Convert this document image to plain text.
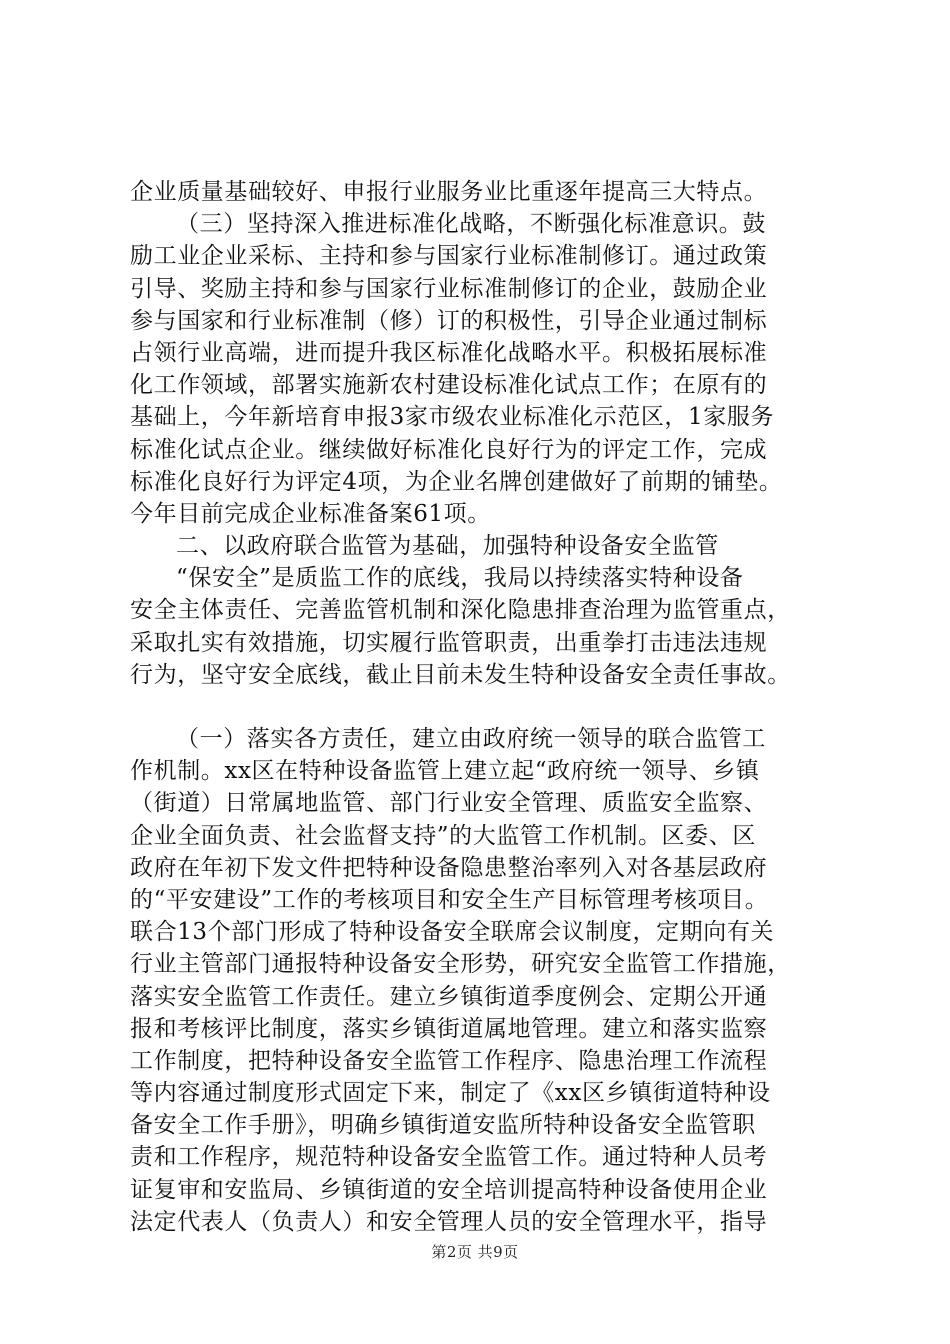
企业质量基础较好、申报行业服务业比重逐年提高三大特点。
（三）坚持深入推进标准化战略，不断强化标准意识。鼓
励工业企业采标、主持和参与国家行业标准制修订。通过政策
引导、奖励主持和参与国家行业标准制修订的企业，鼓励企业
参与国家和行业标准制（修）订的积极性，引导企业通过制标
占领行业高端，进而提升我区标准化战略水平。积极拓展标准
化工作领域，部署实施新农村建设标准化试点工作；在原有的
基础上，今年新培育申报3家市级农业标准化示范区，1家服务
标准化试点企业。继续做好标准化良好行为的评定工作，完成
标准化良好行为评定4项，为企业名牌创建做好了前期的铺垫。
今年目前完成企业标准备案61项。
二、以政府联合监管为基础，加强特种设备安全监管
“保安全”是质监工作的底线，我局以持续落实特种设备
安全主体责任、完善监管机制和深化隐患排查治理为监管重点，
采取扎实有效措施，切实履行监管职责，出重拳打击违法违规
行为，坚守安全底线，截止目前未发生特种设备安全责任事故。
（一）落实各方责任，建立由政府统一领导的联合监管工
作机制。xx区在特种设备监管上建立起“政府统一领导、乡镇
（街道）日常属地监管、部门行业安全管理、质监安全监察、
企业全面负责、社会监督支持”的大监管工作机制。区委、区
政府在年初下发文件把特种设备隐患整治率列入对各基层政府
的“平安建设”工作的考核项目和安全生产目标管理考核项目。
联合13个部门形成了特种设备安全联席会议制度，定期向有关
行业主管部门通报特种设备安全形势，研究安全监管工作措施，
落实安全监管工作责任。建立乡镇街道季度例会、定期公开通
报和考核评比制度，落实乡镇街道属地管理。建立和落实监察
工作制度，把特种设备安全监管工作程序、隐患治理工作流程
等内容通过制度形式固定下来，制定了《xx区乡镇街道特种设
备安全工作手册》，明确乡镇街道安监所特种设备安全监管职
责和工作程序，规范特种设备安全监管工作。通过特种人员考
证复审和安监局、乡镇街道的安全培训提高特种设备使用企业
法定代表人（负责人）和安全管理人员的安全管理水平，指导
第2页 共9页
